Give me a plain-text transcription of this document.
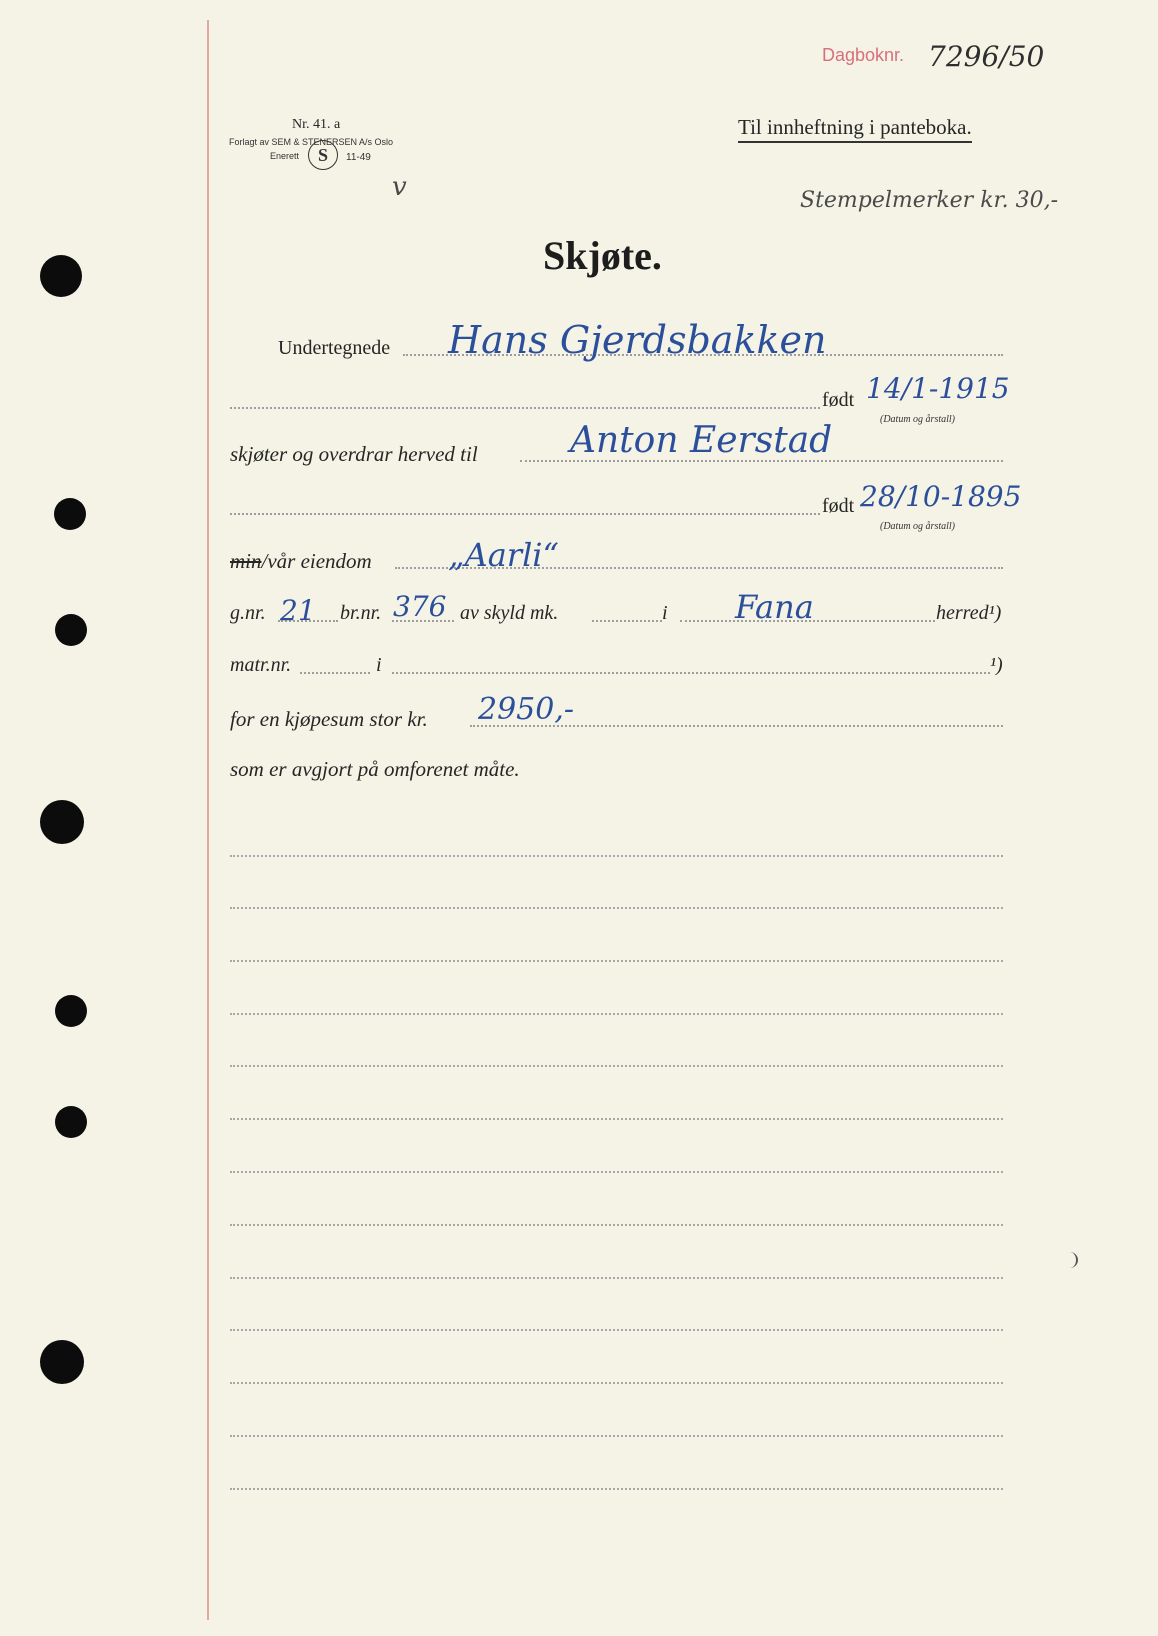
Dagboknr. 7296/50
Nr. 41. a
Forlagt av SEM & STENERSEN A/s Oslo
Enerett	S	11-49
v
Til innheftning i panteboka.
Stempelmerker kr. 30,-
Skjøte.
Undertegnede Hans Gjerdsbakken
født 14/1-1915
(Datum og årstall)
skjøter og overdrar herved til	Anton Eerstad
født 28/10-1895
(Datum og årstall)
min/vår eiendom „Aarli“
g.nr. 21 br.nr. 376 av skyld mk.	i Fana	herred¹)
matr.nr.	i	¹)
for en kjøpesum stor kr. 2950,-
som er avgjort på omforenet måte.
